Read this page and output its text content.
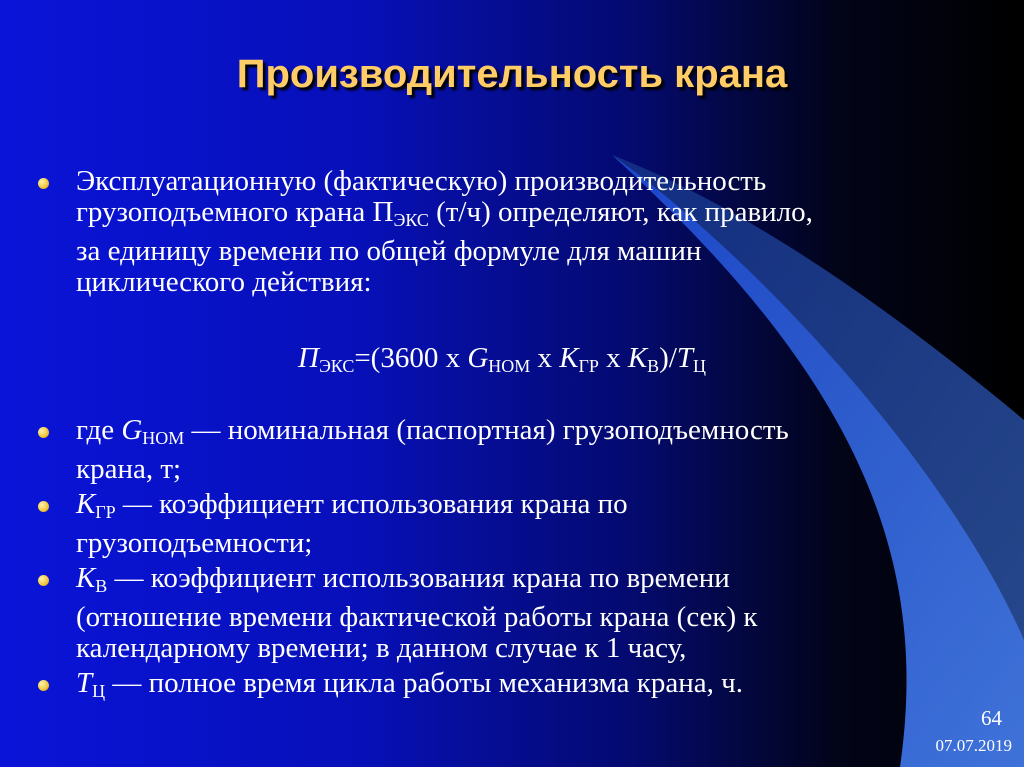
Производительность крана
Эксплуатационную (фактическую) производительность
грузоподъемного крана $П_{ЭКС}$ (т/ч) определяют, как правило,
за единицу времени по общей формуле для машин
циклического действия:
$П_{ЭКС}=(3600$ х $G_{НОМ}$ х $К_{ГР}$ х $К_В)/Т_Ц$
где $G_{НОМ}$ — номинальная (паспортная) грузоподъемность
крана, т;
$К_{ГР}$ — коэффициент использования крана по
грузоподъемности;
$К_В$ — коэффициент использования крана по времени
(отношение времени фактической работы крана (сек) к
календарному времени; в данном случае к 1 часу,
$Т_Ц$ — полное время цикла работы механизма крана, ч.
64
07.07.2019
